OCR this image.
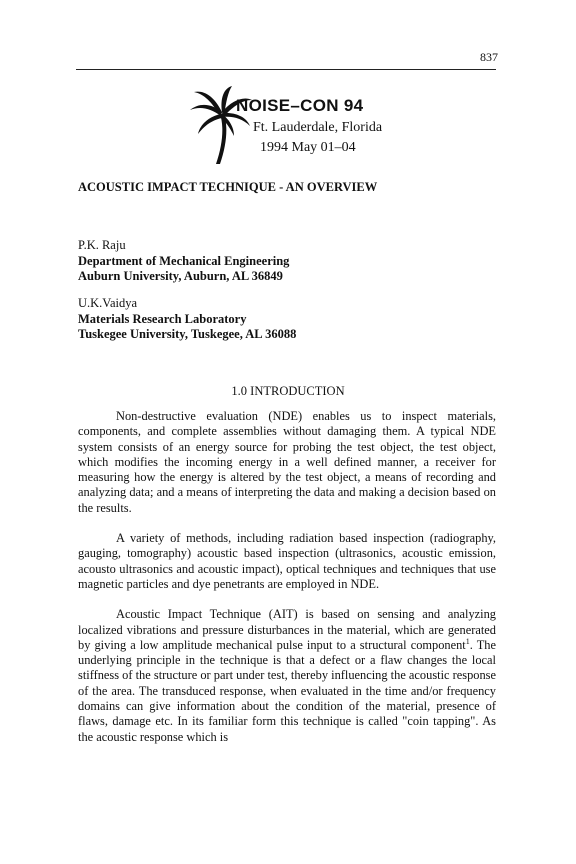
837
NOISE–CON 94
Ft. Lauderdale, Florida
1994 May 01–04
ACOUSTIC IMPACT TECHNIQUE - AN OVERVIEW
P.K. Raju
Department of Mechanical Engineering
Auburn University, Auburn, AL 36849
U.K.Vaidya
Materials Research Laboratory
Tuskegee University, Tuskegee, AL 36088
1.0 INTRODUCTION

Non-destructive evaluation (NDE) enables us to inspect materials, components, and complete assemblies without damaging them. A typical NDE system consists of an energy source for probing the test object, the test object, which modifies the incoming energy in a well defined manner, a receiver for measuring how the energy is altered by the test object, a means of recording and analyzing data; and a means of interpreting the data and making a decision based on the results.

A variety of methods, including radiation based inspection (radiography, gauging, tomography) acoustic based inspection (ultrasonics, acoustic emission, acousto ultrasonics and acoustic impact), optical techniques and techniques that use magnetic particles and dye penetrants are employed in NDE.

Acoustic Impact Technique (AIT) is based on sensing and analyzing localized vibrations and pressure disturbances in the material, which are generated by giving a low amplitude mechanical pulse input to a structural component$^1$. The underlying principle in the technique is that a defect or a flaw changes the local stiffness of the structure or part under test, thereby influencing the acoustic response of the area. The transduced response, when evaluated in the time and/or frequency domains can give information about the condition of the material, presence of flaws, damage etc. In its familiar form this technique is called "coin tapping". As the acoustic response which is
